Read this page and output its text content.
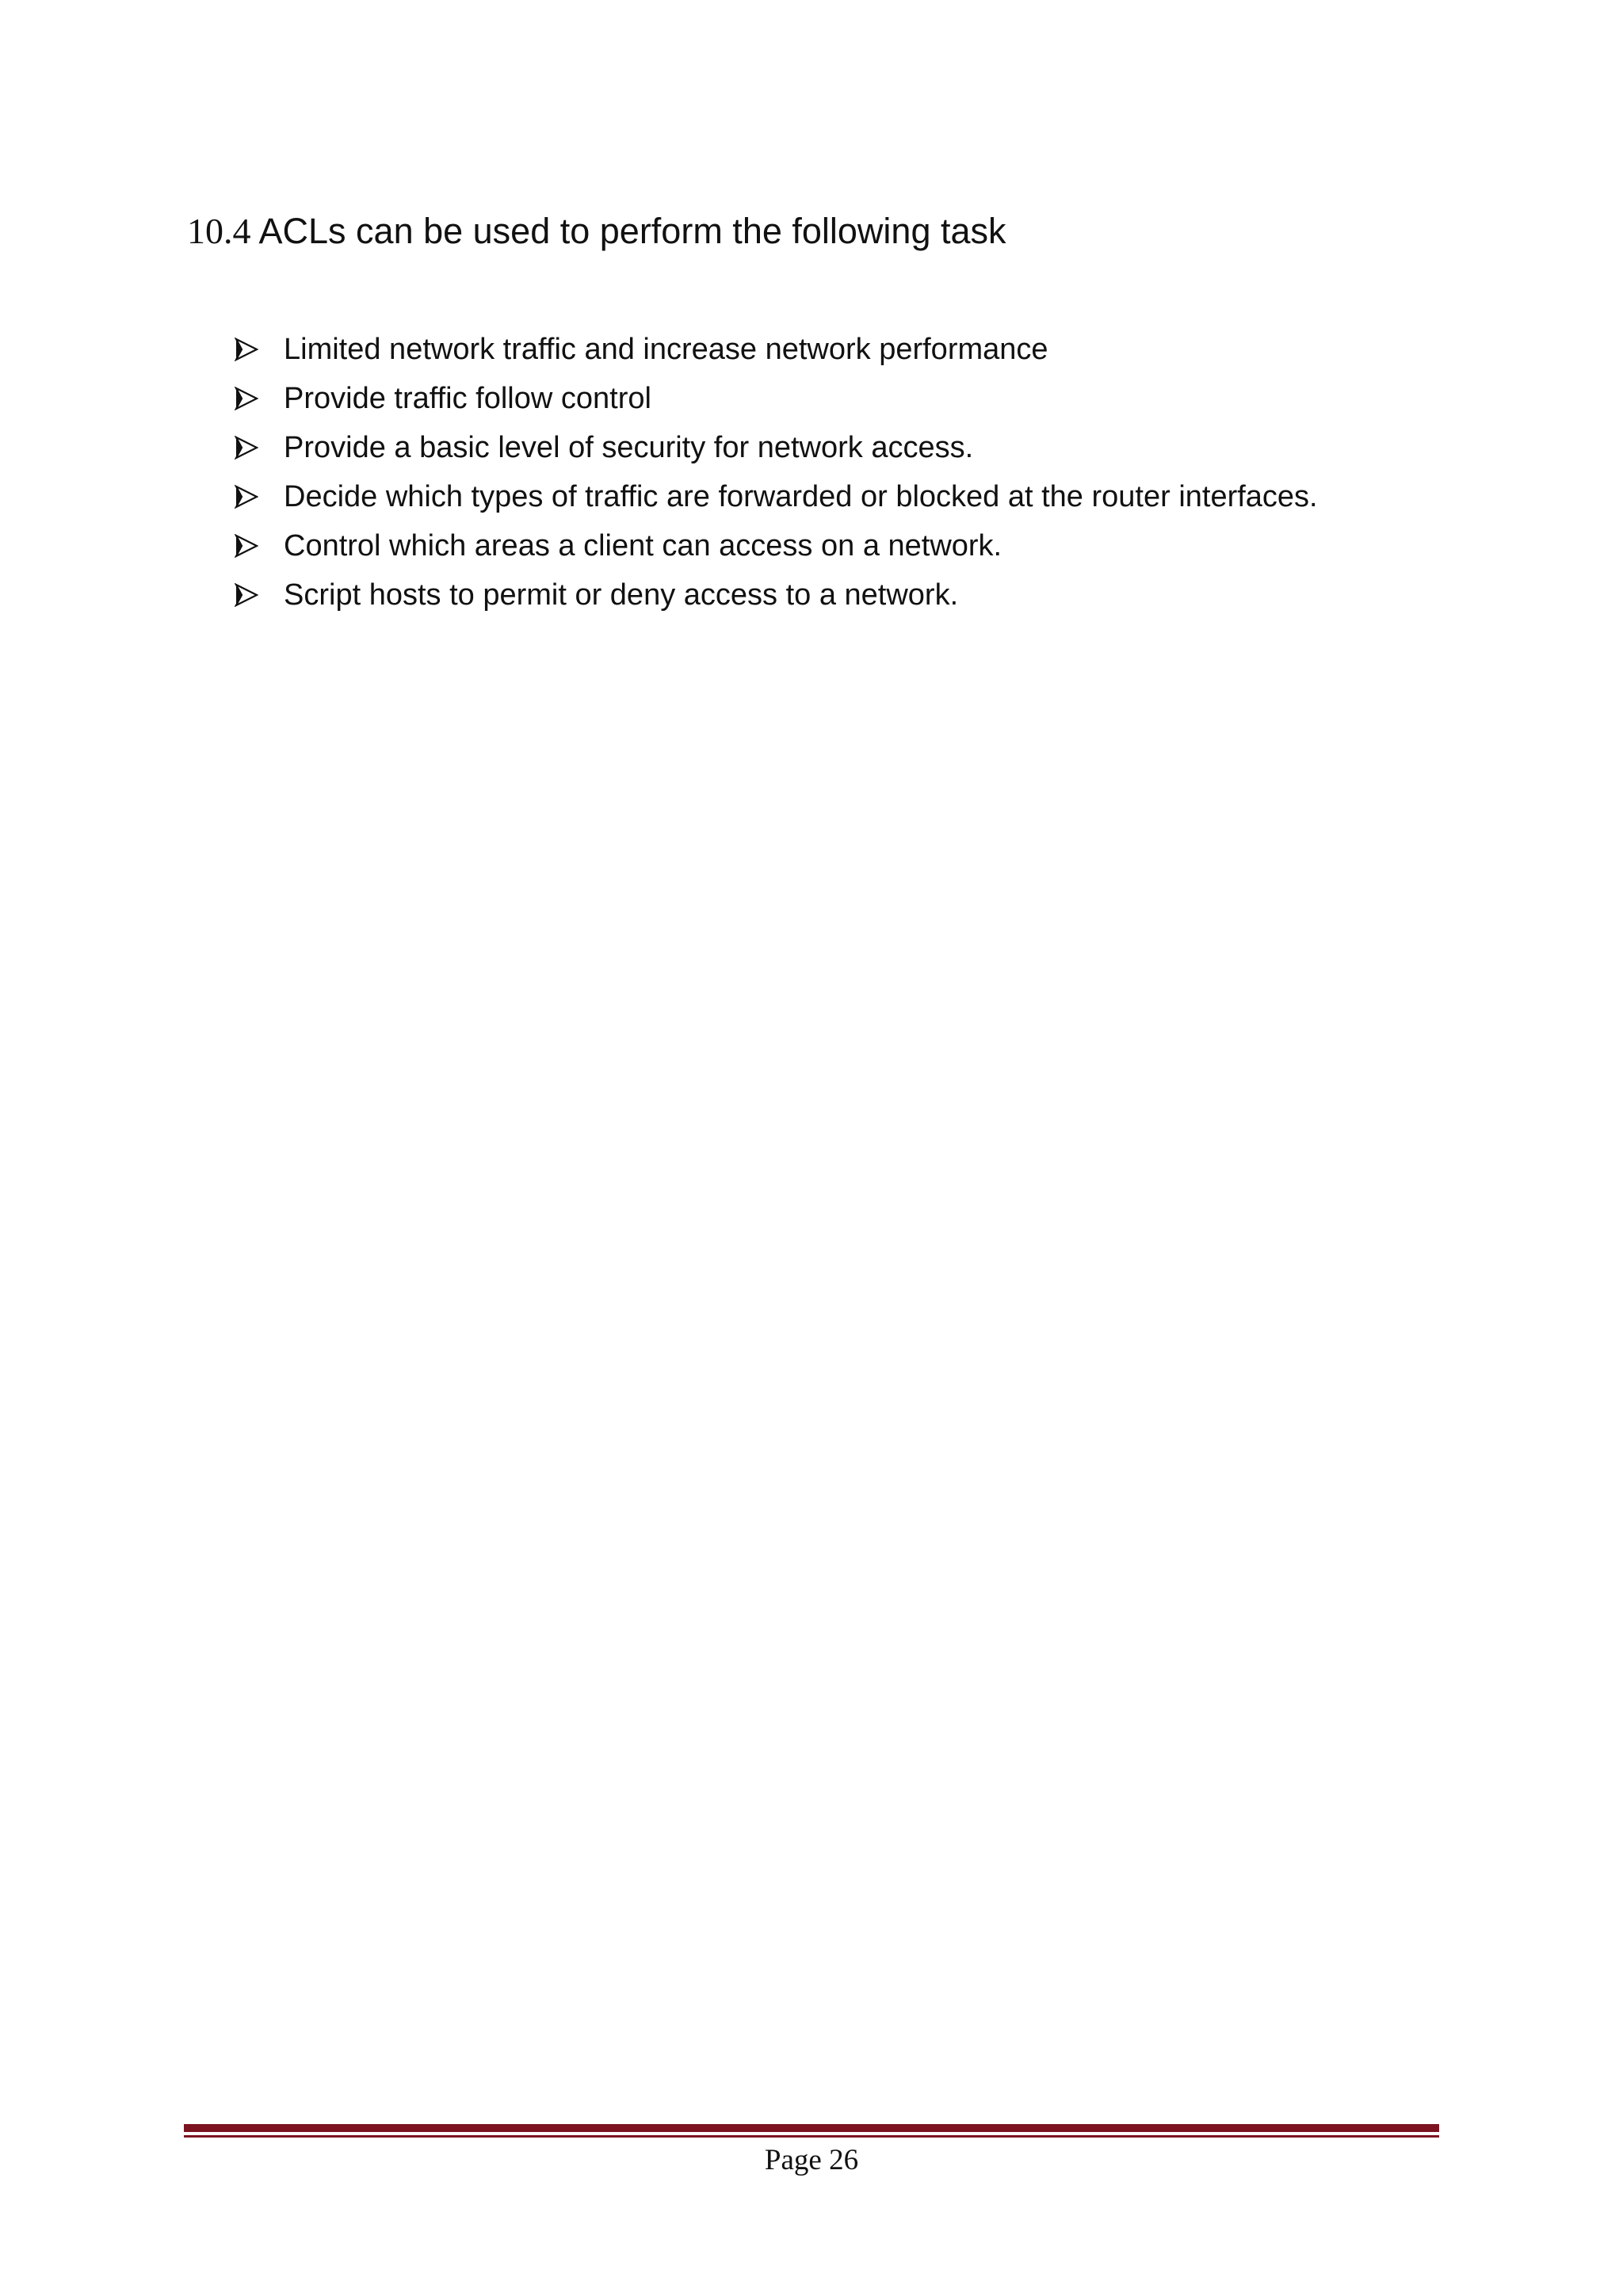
10.4 ACLs can be used to perform the following task
Limited network traffic and increase network performance
Provide traffic follow control
Provide a basic level of security for network access.
Decide which types of traffic are forwarded or blocked at the router interfaces.
Control which areas a client can access on a network.
Script hosts to permit or deny access to a network.
Page 26
